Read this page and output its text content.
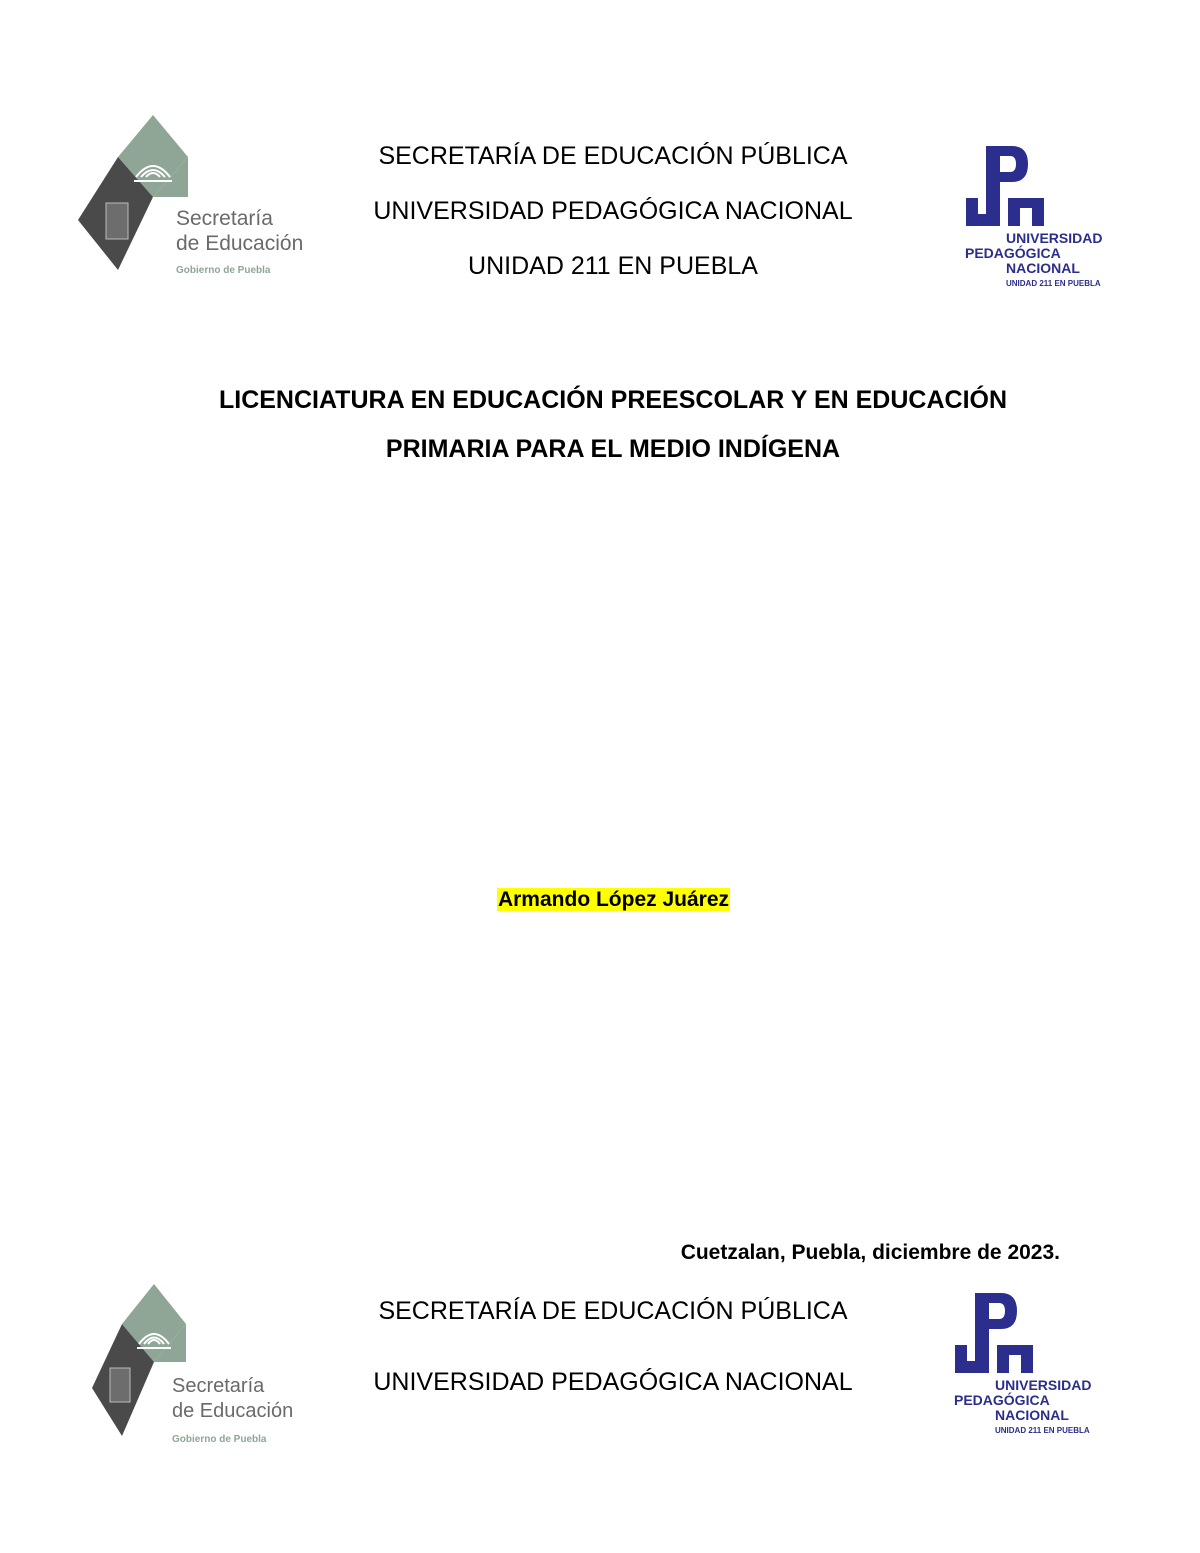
Secretaría
de Educación
Gobierno de Puebla
SECRETARÍA DE EDUCACIÓN PÚBLICA
UNIVERSIDAD PEDAGÓGICA NACIONAL
UNIDAD 211 EN PUEBLA
UNIVERSIDAD
PEDAGÓGICA
NACIONAL
UNIDAD 211 EN PUEBLA
LICENCIATURA EN EDUCACIÓN PREESCOLAR Y EN EDUCACIÓN
PRIMARIA PARA EL MEDIO INDÍGENA
Armando López Juárez
Cuetzalan, Puebla, diciembre de 2023.
Secretaría
de Educación
Gobierno de Puebla
SECRETARÍA DE EDUCACIÓN PÚBLICA
UNIVERSIDAD PEDAGÓGICA NACIONAL	UNIVERSIDAD
PEDAGÓGICA
NACIONAL
UNIDAD 211 EN PUEBLA
